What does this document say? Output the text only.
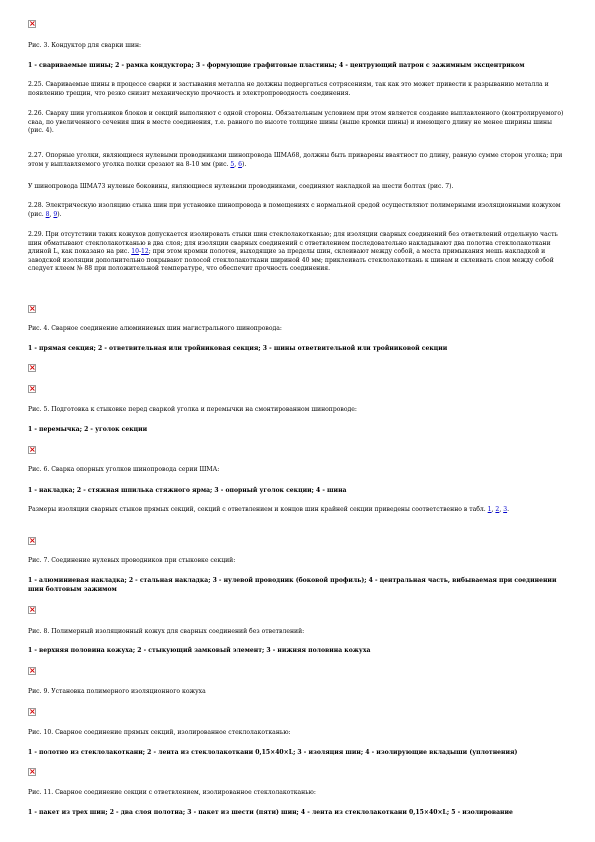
×

Рис. 3. Кондуктор для сварки шин:

1 - свариваемые шины; 2 - рамка кондуктора; 3 - формующие графитовые пластины; 4 - центрующий патрон с зажимным эксцентриком

2.25. Свариваемые шины в процессе сварки и застывания металла не должны подвергаться сотрясениям, так как это может привести к разрыванию металла и появлению трещин, что резко снизит механическую прочность и электропроводность соединения.

2.26. Сварку шин угольников блоков и секций выполняют с одной стороны. Обязательным условием при этом является создание выплавленного (контролируемого) сваа, по увеличенного сечения шин в месте соединения, т.е. равного по высоте толщине шины (выше кромки шины) и имеющего длину не менее ширины шины (рис. 4).

2.27. Опорные уголки, являющиеся нулевыми проводниками шинопровода ШМА68, должны быть приварены вваятност по длину, равную сумме сторон уголка; при этом у выплавляемого уголка полки срезают на 8-10 мм (рис. 5, 6).

У шинопровода ШМА73 нулевые боковины, являющиеся нулевыми проводниками, соединяют накладкой на шести болтах (рис. 7).

2.28. Электрическую изоляцию стыка шин при установке шинопровода в помещениях с нормальной средой осуществляют полимерными изоляционными кожухом (рис. 8, 9).

2.29. При отсутствии таких кожухов допускается изолировать стыки шин стеклолакотканью; для изоляции сварных соединений без ответвлений отдельную часть шин обматывают стеклолакотканью в два слоя; для изоляции сварных соединений с ответвлением последовательно накладывают два полотна стеклолакоткани длиной L, как показано на рис. 10-12; при этом кромки полотен, выходящие за пределы шин, склеивают между собой, а места примыкания мешь накладкой и заводской изоляции дополнительно покрывают полосой стеклолакоткани шириной 40 мм; приклеивать стеклолакоткань к шинам и склеивать слои между собой следует клеем № 88 при положительной температуре, что обеспечит прочность соединения.

×

Рис. 4. Сварное соединение алюминиевых шин магистрального шинопровода:

1 - прямая секция; 2 - ответвительная или тройниковая секция; 3 - шины ответвительной или тройниковой секции

×
×

Рис. 5. Подготовка к стыковке перед сваркой уголка и перемычки на смонтированном шинопроводе:

1 - перемычка; 2 - уголок секции

×

Рис. 6. Сварка опорных уголков шинопровода серии ШМА:

1 - накладка; 2 - стяжная шпилька стяжного ярма; 3 - опорный уголок секции; 4 - шина

Размеры изоляции сварных стыков прямых секций, секций с ответвлением и концов шин крайней секции приведены соответственно в табл. 1, 2, 3.

×

Рис. 7. Соединение нулевых проводников при стыковке секций:

1 - алюминиевая накладка; 2 - стальная накладка; 3 - нулевой проводник (боковой профиль); 4 - центральная часть, вибываемая при соединении шин болтовым зажимом

×

Рис. 8. Полимерный изоляционный кожух для сварных соединений без ответвлений:

1 - верхняя половина кожуха; 2 - стыкующий замковый элемент; 3 - нижняя половина кожуха

×

Рис. 9. Установка полимерного изоляционного кожуха

×

Рис. 10. Сварное соединение прямых секций, изолированное стеклолакотканью:

1 - полотно из стеклолакоткани; 2 - лента из стеклолакоткани 0,15×40×L; 3 - изоляция шин; 4 - изолирующие вкладыши (уплотнения)

×

Рис. 11. Сварное соединение секции с ответвлением, изолированное стеклолакотканью:

1 - пакет из трех шин; 2 - два слоя полотна; 3 - пакет из шести (пяти) шин; 4 - лента из стеклолакоткани 0,15×40×L; 5 - изолирование
